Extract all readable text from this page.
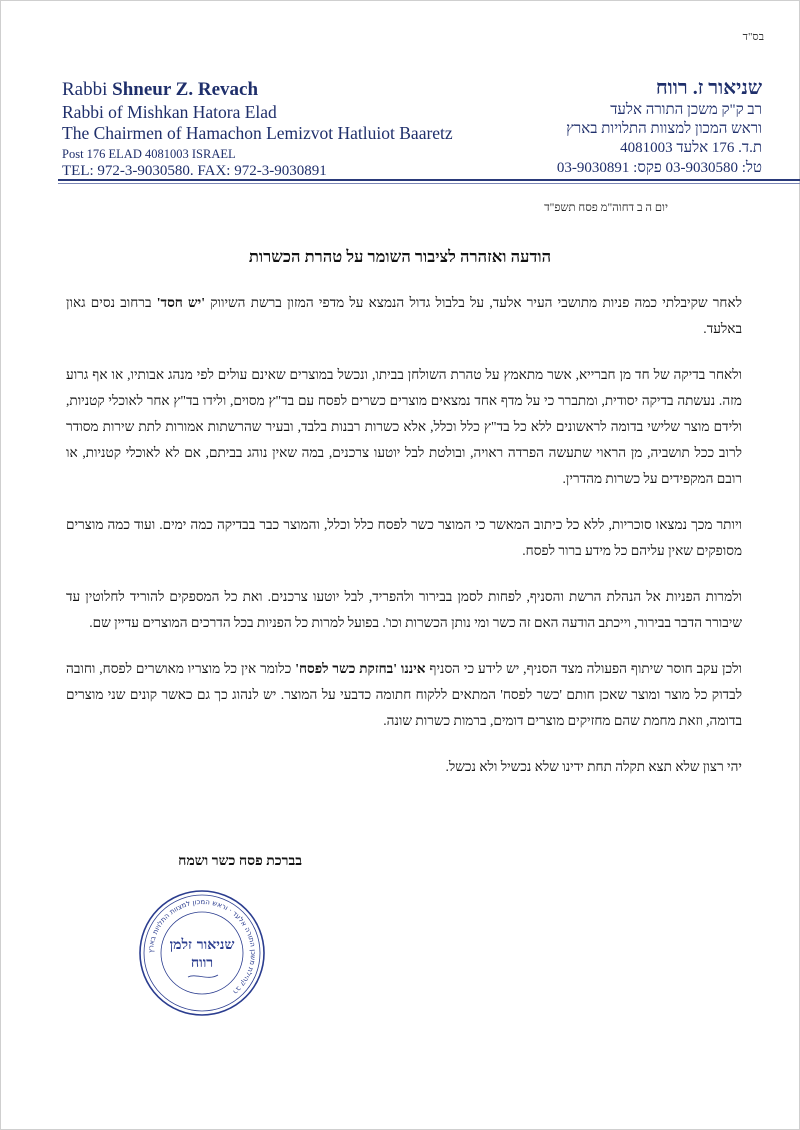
בס"ד
Rabbi Shneur Z. Revach
Rabbi of Mishkan Hatora Elad
The Chairmen of Hamachon Lemizvot Hatluiot Baaretz
Post 176 ELAD 4081003 ISRAEL
TEL: 972-3-9030580. FAX: 972-3-9030891
שניאור ז. רווח
רב ק"ק משכן התורה אלעד
וראש המכון למצוות התלויות בארץ
ת.ד. 176 אלעד 4081003
טל: 03-9030580 פקס: 03-9030891
יום ה ב דחוה"מ פסח תשפ"ד
הודעה ואזהרה לציבור השומר על טהרת הכשרות

לאחר שקיבלתי כמה פניות מתושבי העיר אלעד, על בלבול גדול הנמצא על מדפי המזון ברשת השיווק 'יש חסד' ברחוב נסים גאון באלעד.

ולאחר בדיקה של חד מן חברייא, אשר מתאמץ על טהרת השולחן בביתו, ונכשל במוצרים שאינם עולים לפי מנהג אבותיו, או אף גרוע מזה. נעשתה בדיקה יסודית, ומתברר כי על מדף אחד נמצאים מוצרים כשרים לפסח עם בד"ץ מסוים, ולידו בד"ץ אחר לאוכלי קטניות, ולידם מוצר שלישי בדומה לראשונים ללא כל בד"ץ כלל וכלל, אלא כשרות רבנות בלבד, ובעיר שהרשתות אמורות לתת שירות מסודר לרוב ככל תושביה, מן הראוי שתעשה הפרדה ראויה, ובולטת לבל יוטעו צרכנים, במה שאין נוהג בביתם, אם לא לאוכלי קטניות, או רובם המקפידים על כשרות מהדרין.

ויותר מכך נמצאו סוכריות, ללא כל כיתוב המאשר כי המוצר כשר לפסח כלל וכלל, והמוצר כבר בבדיקה כמה ימים. ועוד כמה מוצרים מסופקים שאין עליהם כל מידע ברור לפסח.

ולמרות הפניות אל הנהלת הרשת והסניף, לפחות לסמן בבירור ולהפריד, לבל יוטעו צרכנים. ואת כל המספקים להוריד לחלוטין עד שיבורר הדבר בבירור, וייכתב הודעה האם זה כשר ומי נותן הכשרות וכו'. בפועל למרות כל הפניות בכל הדרכים המוצרים עדיין שם.

ולכן עקב חוסר שיתוף הפעולה מצד הסניף, יש לידע כי הסניף איננו 'בחזקת כשר לפסח' כלומר אין כל מוצריו מאושרים לפסח, וחובה לבדוק כל מוצר ומוצר שאכן חותם 'כשר לפסח' המתאים ללקוח חתומה כדבעי על המוצר. יש לנהוג כך גם כאשר קונים שני מוצרים בדומה, וזאת מחמת שהם מחזיקים מוצרים דומים, ברמות כשרות שונה.

יהי רצון שלא תצא תקלה תחת ידינו שלא נכשיל ולא נכשל.

בברכת פסח כשר ושמח
רב קהילת משכן התורה אלעד · וראש המכון למצוות התלויות בארץ
שניאור זלמן
רווח
